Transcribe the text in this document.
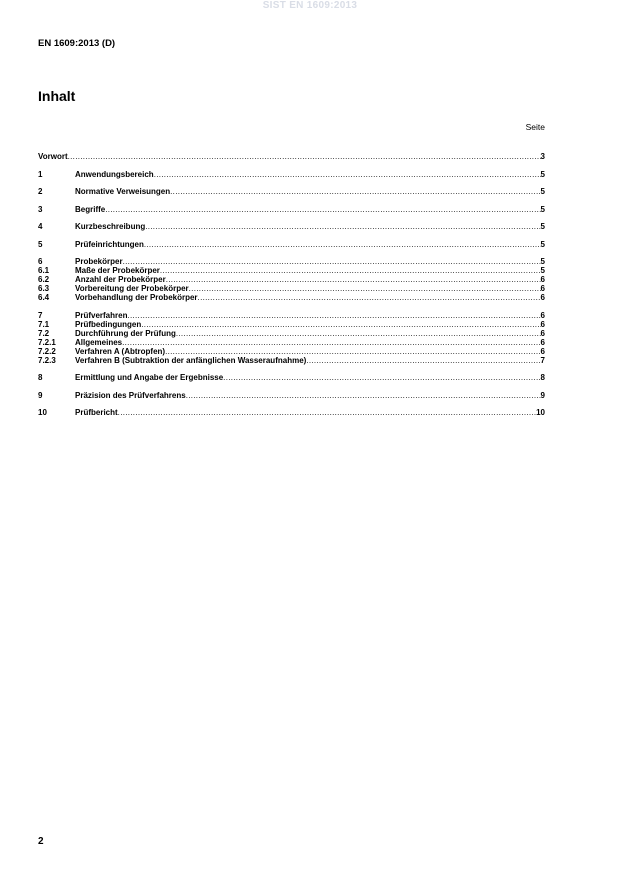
SIST EN 1609:2013
EN 1609:2013 (D)
Inhalt
Seite
Vorwort .....	3
1	Anwendungsbereich .....	5
2	Normative Verweisungen .....	5
3	Begriffe .....	5
4	Kurzbeschreibung .....	5
5	Prüfeinrichtungen .....	5
6	Probekörper .....	5
6.1	Maße der Probekörper .....	5
6.2	Anzahl der Probekörper .....	6
6.3	Vorbereitung der Probekörper .....	6
6.4	Vorbehandlung der Probekörper .....	6
7	Prüfverfahren .....	6
7.1	Prüfbedingungen .....	6
7.2	Durchführung der Prüfung .....	6
7.2.1	Allgemeines .....	6
7.2.2	Verfahren A (Abtropfen) .....	6
7.2.3	Verfahren B (Subtraktion der anfänglichen Wasseraufnahme) .....	7
8	Ermittlung und Angabe der Ergebnisse .....	8
9	Präzision des Prüfverfahrens .....	9
10	Prüfbericht .....	10
2
